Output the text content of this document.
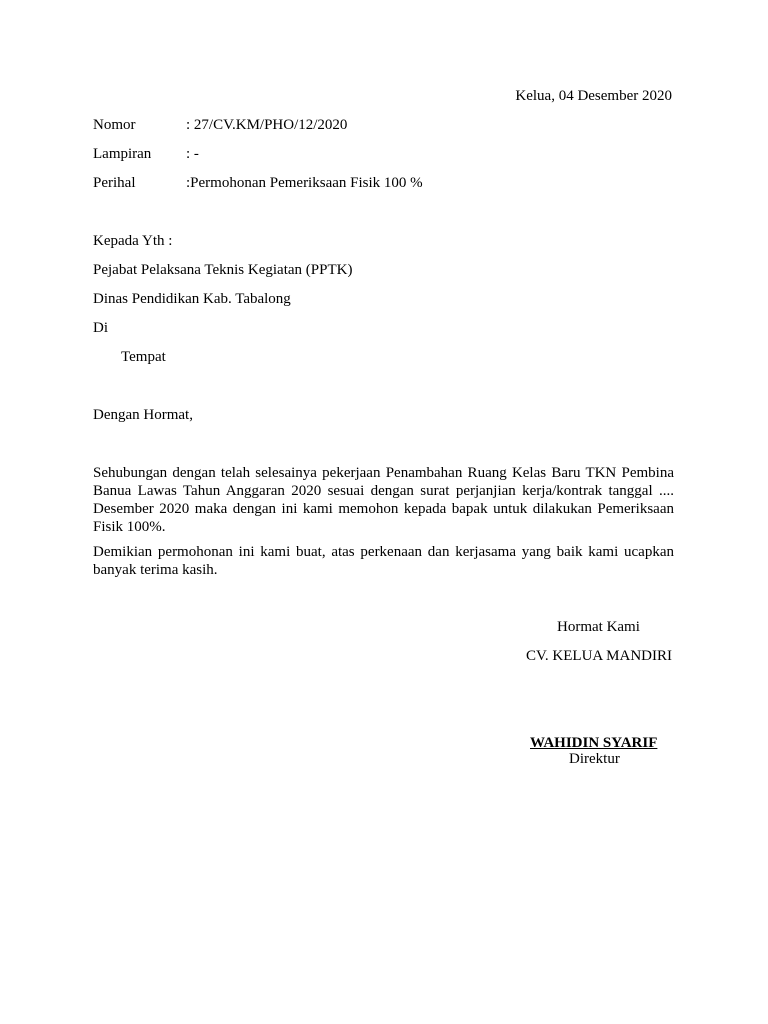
Kelua, 04 Desember 2020
Nomor	: 27/CV.KM/PHO/12/2020
Lampiran : -
Perihal	:Permohonan Pemeriksaan Fisik 100 %
Kepada Yth :
Pejabat Pelaksana Teknis Kegiatan (PPTK)
Dinas Pendidikan Kab. Tabalong
Di
Tempat
Dengan Hormat,
Sehubungan dengan telah selesainya pekerjaan Penambahan Ruang Kelas Baru TKN Pembina Banua Lawas Tahun Anggaran 2020 sesuai dengan surat perjanjian kerja/kontrak tanggal .... Desember 2020 maka dengan ini kami memohon kepada bapak untuk dilakukan Pemeriksaan Fisik 100%.
Demikian permohonan ini kami buat, atas perkenaan dan kerjasama yang baik kami ucapkan banyak terima kasih.
Hormat Kami
CV. KELUA MANDIRI
WAHIDIN SYARIF
Direktur
